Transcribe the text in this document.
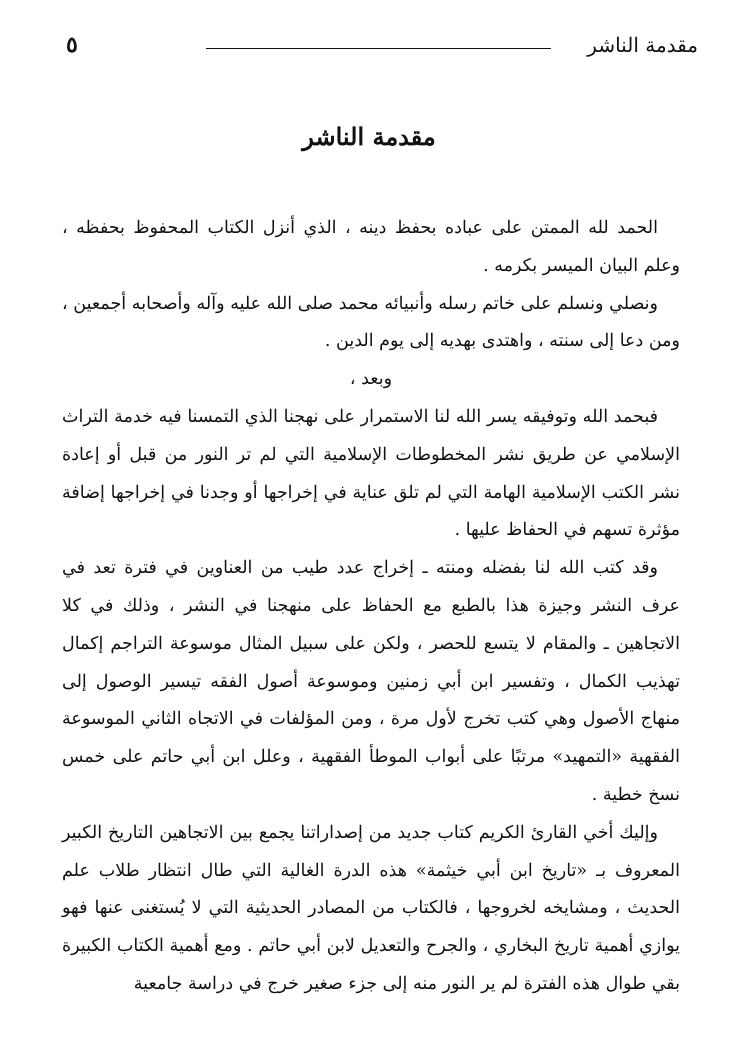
مقدمة الناشر
٥
مقدمة الناشر

الحمد لله الممتن على عباده بحفظ دينه ، الذي أنزل الكتاب المحفوظ بحفظه ، وعلم البيان الميسر بكرمه .

ونصلي ونسلم على خاتم رسله وأنبيائه محمد صلى الله عليه وآله وأصحابه أجمعين ، ومن دعا إلى سنته ، واهتدى بهديه إلى يوم الدين .

وبعد ،

فبحمد الله وتوفيقه يسر الله لنا الاستمرار على نهجنا الذي التمسنا فيه خدمة التراث الإسلامي عن طريق نشر المخطوطات الإسلامية التي لم تر النور من قبل أو إعادة نشر الكتب الإسلامية الهامة التي لم تلق عناية في إخراجها أو وجدنا في إخراجها إضافة مؤثرة تسهم في الحفاظ عليها .

وقد كتب الله لنا بفضله ومنته ـ إخراج عدد طيب من العناوين في فترة تعد في عرف النشر وجيزة هذا بالطبع مع الحفاظ على منهجنا في النشر ، وذلك في كلا الاتجاهين ـ والمقام لا يتسع للحصر ، ولكن على سبيل المثال موسوعة التراجم إكمال تهذيب الكمال ، وتفسير ابن أبي زمنين وموسوعة أصول الفقه تيسير الوصول إلى منهاج الأصول وهي كتب تخرج لأول مرة ، ومن المؤلفات في الاتجاه الثاني الموسوعة الفقهية «التمهيد» مرتبًا على أبواب الموطأ الفقهية ، وعلل ابن أبي حاتم على خمس نسخ خطية .

وإليك أخي القارئ الكريم كتاب جديد من إصداراتنا يجمع بين الاتجاهين التاريخ الكبير المعروف بـ «تاريخ ابن أبي خيثمة» هذه الدرة الغالية التي طال انتظار طلاب علم الحديث ، ومشايخه لخروجها ، فالكتاب من المصادر الحديثية التي لا يُستغنى عنها فهو يوازي أهمية تاريخ البخاري ، والجرح والتعديل لابن أبي حاتم . ومع أهمية الكتاب الكبيرة بقي طوال هذه الفترة لم ير النور منه إلى جزء صغير خرج في دراسة جامعية
